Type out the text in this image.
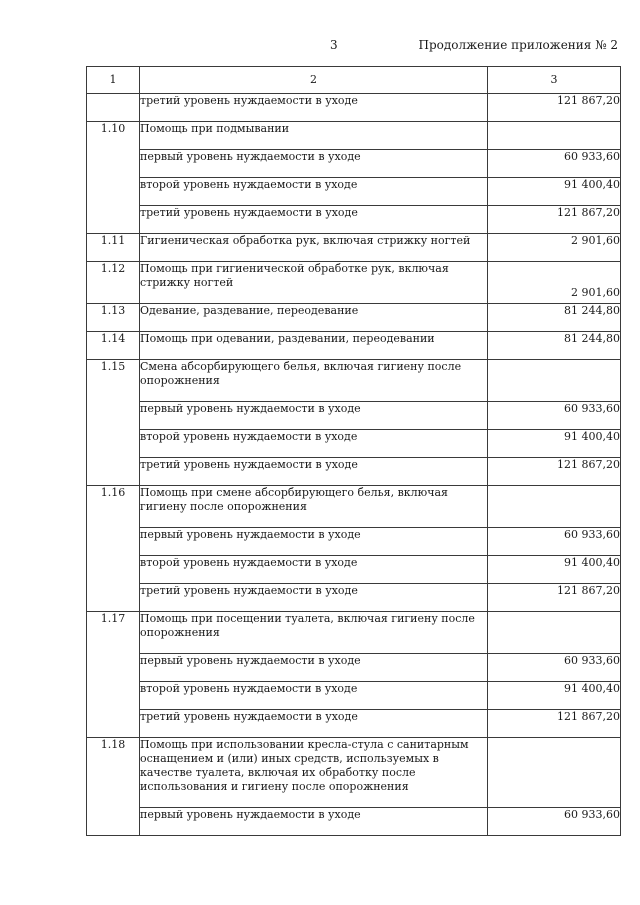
3	Продолжение приложения № 2
1	2	3
	третий уровень нуждаемости в уходе	121 867,20
1.10	Помощь при подмывании	
	первый уровень нуждаемости в уходе	60 933,60
	второй уровень нуждаемости в уходе	91 400,40
	третий уровень нуждаемости в уходе	121 867,20
1.11	Гигиеническая обработка рук, включая стрижку ногтей	2 901,60
1.12	Помощь при гигиенической обработке рук, включая стрижку ногтей	2 901,60
1.13	Одевание, раздевание, переодевание	81 244,80
1.14	Помощь при одевании, раздевании, переодевании	81 244,80
1.15	Смена абсорбирующего белья, включая гигиену после опорожнения	
	первый уровень нуждаемости в уходе	60 933,60
	второй уровень нуждаемости в уходе	91 400,40
	третий уровень нуждаемости в уходе	121 867,20
1.16	Помощь при смене абсорбирующего белья, включая гигиену после опорожнения	
	первый уровень нуждаемости в уходе	60 933,60
	второй уровень нуждаемости в уходе	91 400,40
	третий уровень нуждаемости в уходе	121 867,20
1.17	Помощь при посещении туалета, включая гигиену после опорожнения	
	первый уровень нуждаемости в уходе	60 933,60
	второй уровень нуждаемости в уходе	91 400,40
	третий уровень нуждаемости в уходе	121 867,20
1.18	Помощь при использовании кресла-стула с санитарным оснащением и (или) иных средств, используемых в качестве туалета, включая их обработку после использования и гигиену после опорожнения	
	первый уровень нуждаемости в уходе	60 933,60
